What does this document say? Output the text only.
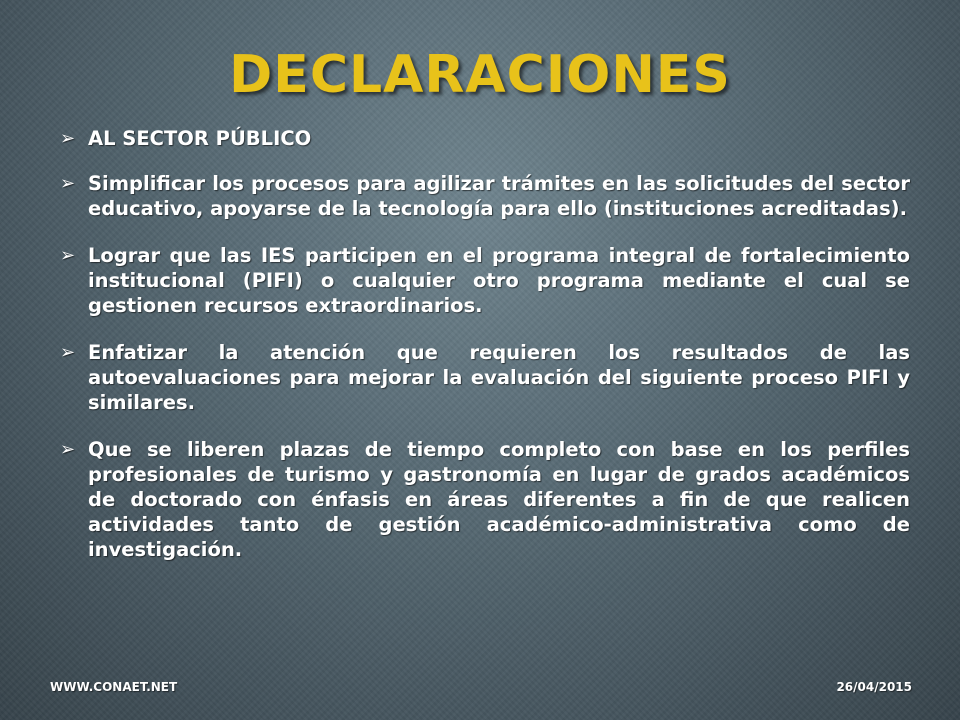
DECLARACIONES
➢ AL SECTOR PÚBLICO
➢ Simplificar los procesos para agilizar trámites en las solicitudes del sector educativo, apoyarse de la tecnología para ello (instituciones acreditadas).
➢ Lograr que las IES participen en el programa integral de fortalecimiento institucional (PIFI) o cualquier otro programa mediante el cual se gestionen recursos extraordinarios.
➢ Enfatizar la atención que requieren los resultados de las autoevaluaciones para mejorar la evaluación del siguiente proceso PIFI y similares.
➢ Que se liberen plazas de tiempo completo con base en los perfiles profesionales de turismo y gastronomía en lugar de grados académicos de doctorado con énfasis en áreas diferentes a fin de que realicen actividades tanto de gestión académico-administrativa como de investigación.
WWW.CONAET.NET	26/04/2015
